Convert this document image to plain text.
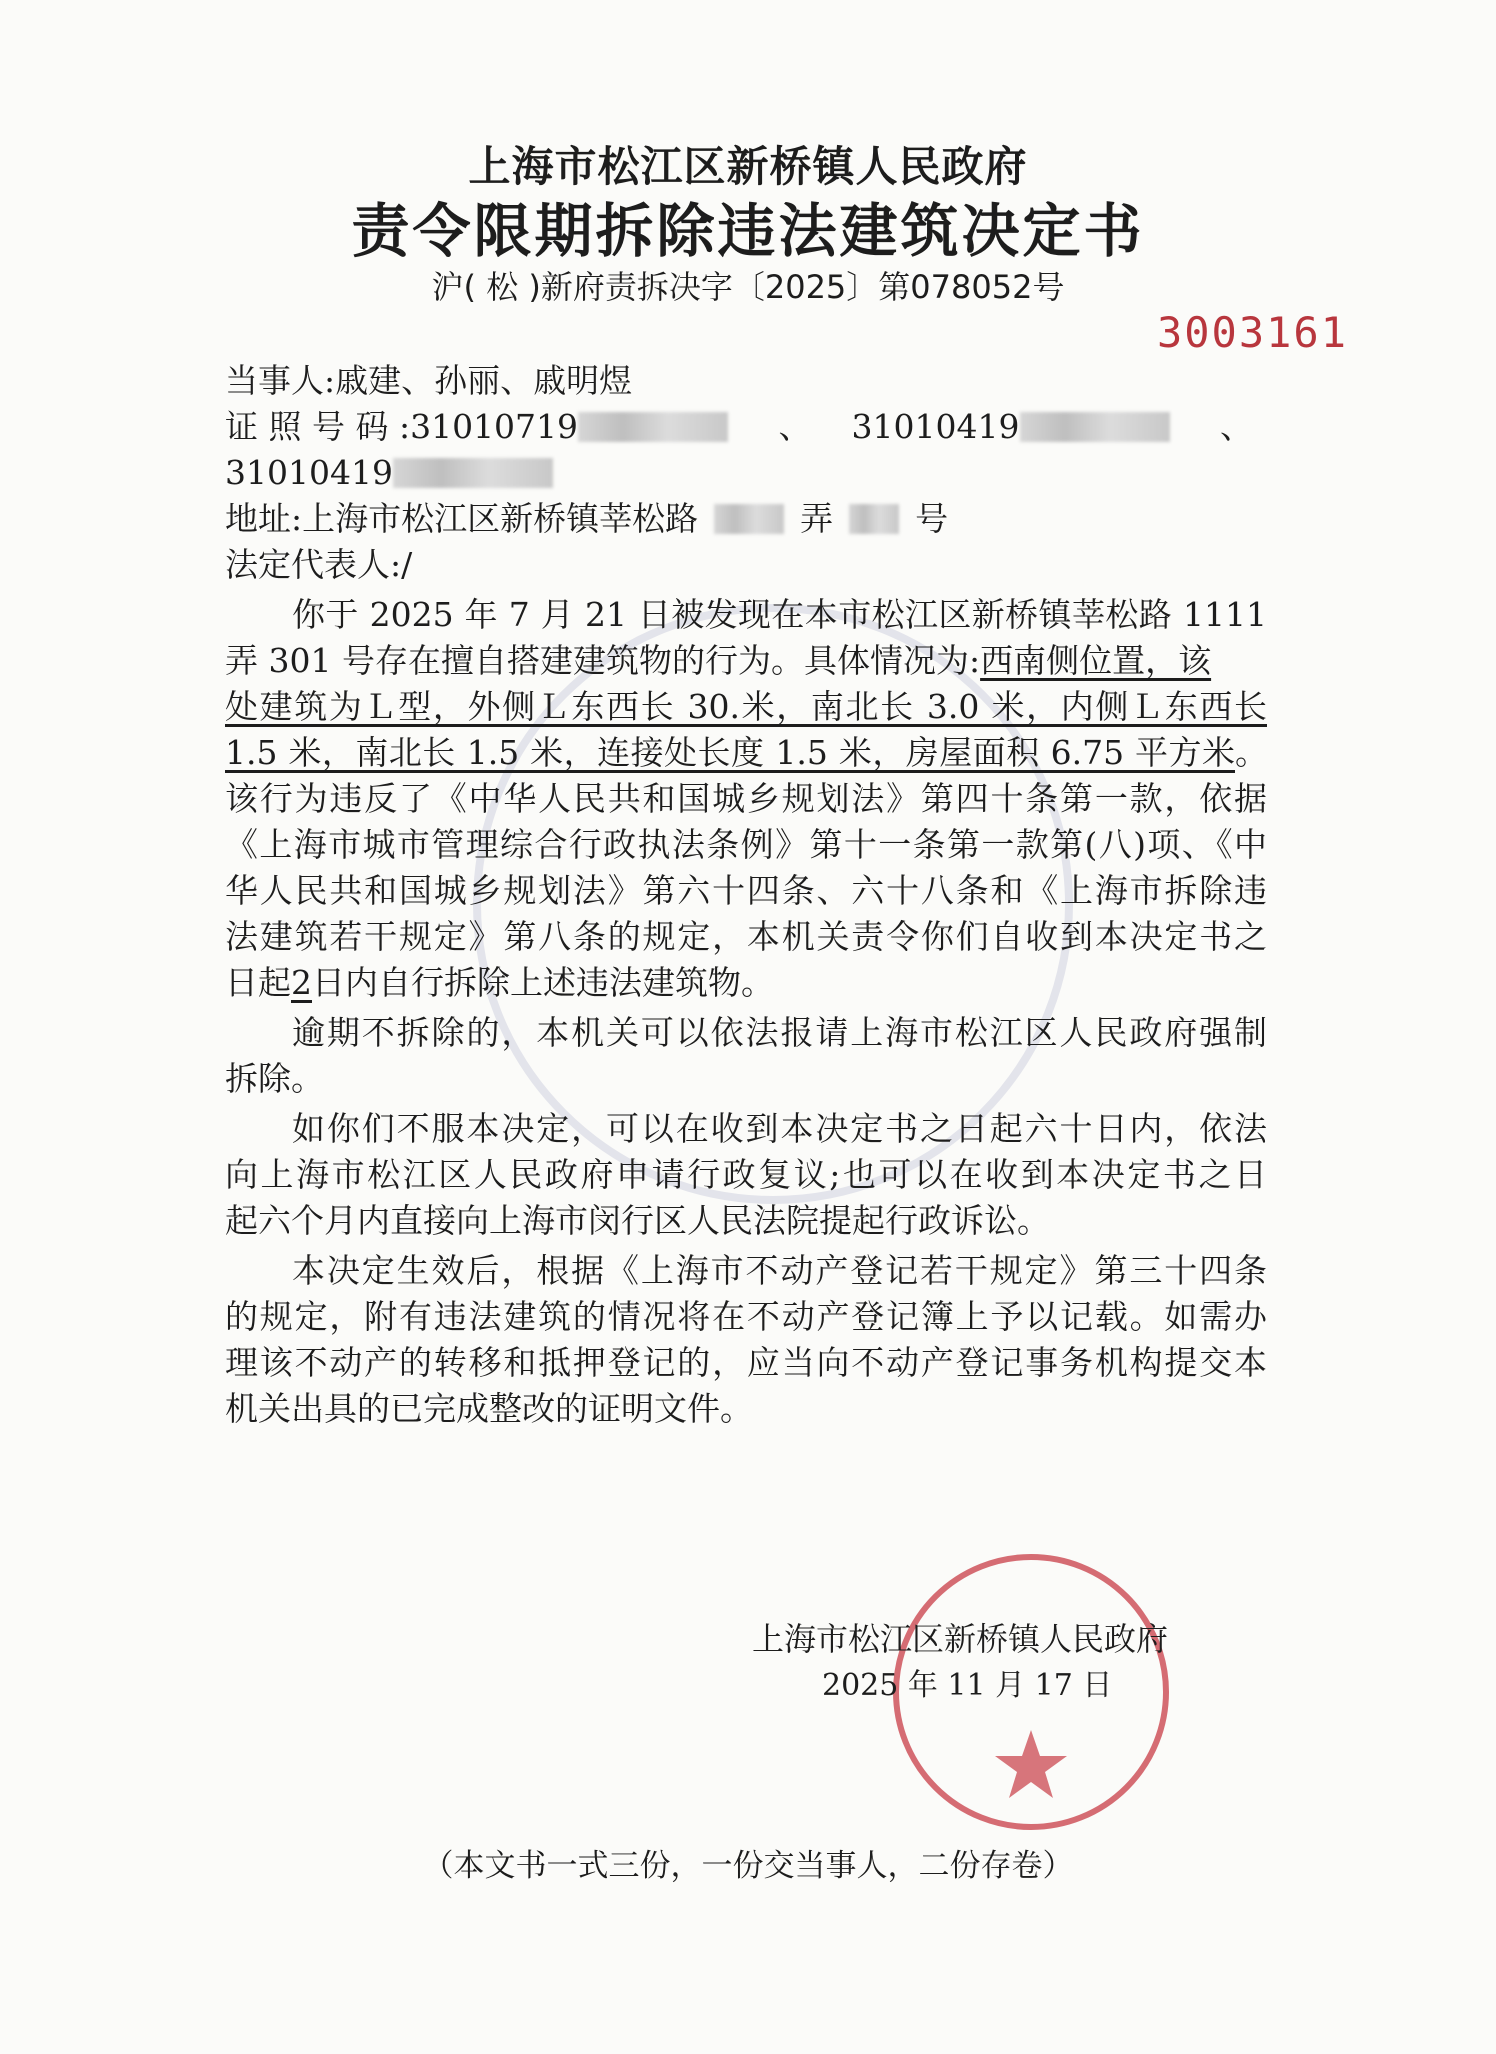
上海市松江区新桥镇人民政府
责令限期拆除违法建筑决定书
沪( 松 )新府责拆决字〔2025〕第078052号
3003161
当事人:戚建、孙丽、戚明煜
证 照 号 码 :31010719	、 31010419	、
31010419
地址:上海市松江区新桥镇莘松路	弄 号
法定代表人:/
你于 2025 年 7 月 21 日被发现在本市松江区新桥镇莘松路 1111
弄 301 号存在擅自搭建建筑物的行为。具体情况为:西南侧位置，该
处建筑为Ｌ型，外侧Ｌ东西长 30.米，南北长 3.0 米，内侧Ｌ东西长
1.5 米，南北长 1.5 米，连接处长度 1.5 米，房屋面积 6.75 平方米。
该行为违反了《中华人民共和国城乡规划法》第四十条第一款，依据
《上海市城市管理综合行政执法条例》第十一条第一款第(八)项、《中
华人民共和国城乡规划法》第六十四条、六十八条和《上海市拆除违
法建筑若干规定》第八条的规定，本机关责令你们自收到本决定书之
日起2日内自行拆除上述违法建筑物。
逾期不拆除的，本机关可以依法报请上海市松江区人民政府强制
拆除。
如你们不服本决定，可以在收到本决定书之日起六十日内，依法
向上海市松江区人民政府申请行政复议;也可以在收到本决定书之日
起六个月内直接向上海市闵行区人民法院提起行政诉讼。
本决定生效后，根据《上海市不动产登记若干规定》第三十四条
的规定，附有违法建筑的情况将在不动产登记簿上予以记载。如需办
理该不动产的转移和抵押登记的，应当向不动产登记事务机构提交本
机关出具的已完成整改的证明文件。
上海市松江区新桥镇人民政府
2025 年 11 月 17 日
（本文书一式三份，一份交当事人，二份存卷）
